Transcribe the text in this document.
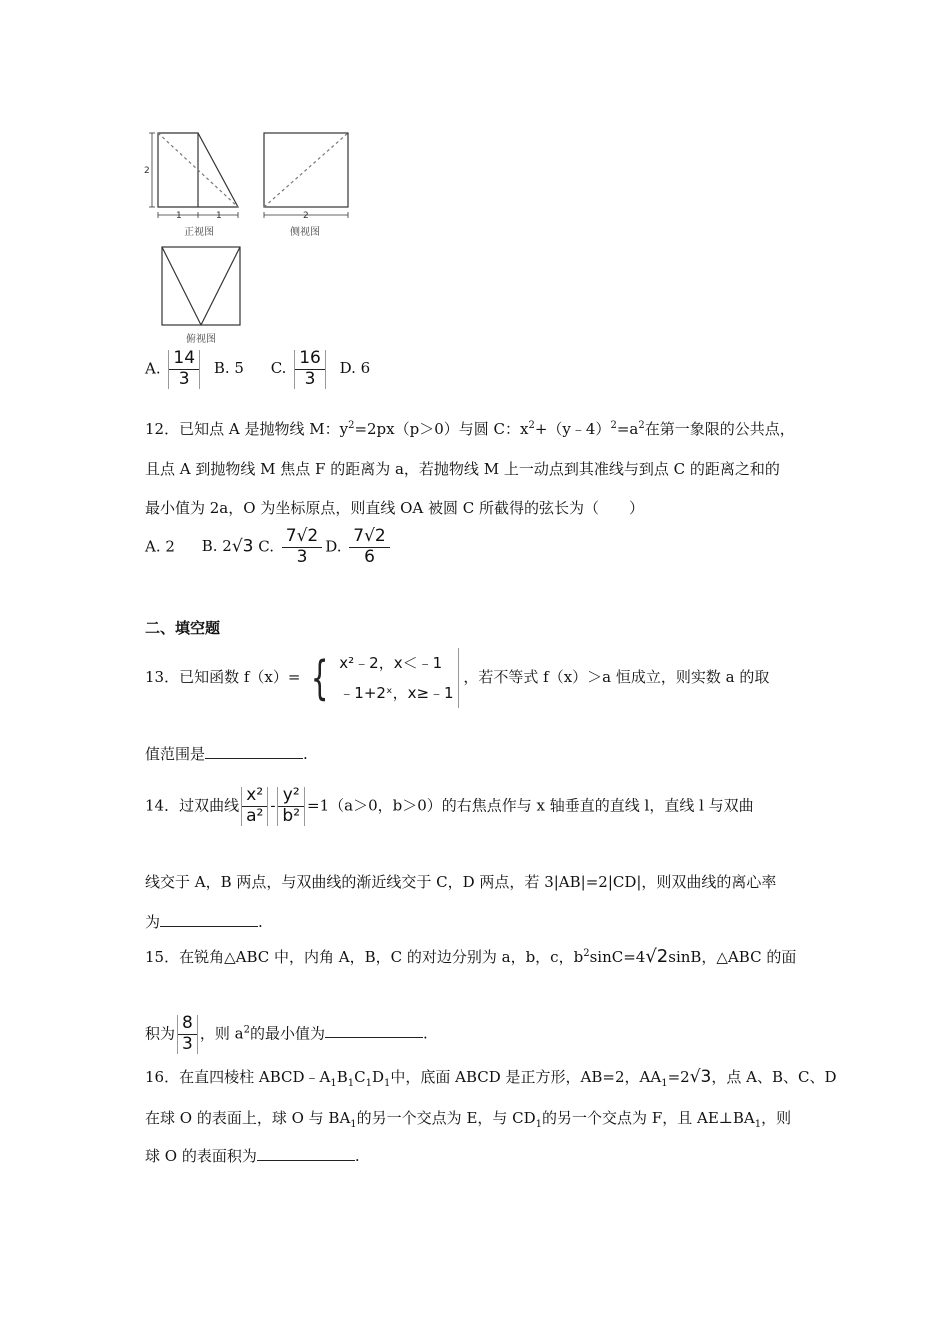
2
1	1
正视图
2
侧视图
俯视图
A. $\frac{14}{3} B$. 5 C. $\frac{16}{3} D$. 6
12．已知点 A 是抛物线 M：$y^2=2px(p>0)$与圆 C：$x^2+(y﹣4)^2=a^2$在第一象限的公共点，
且点 A 到抛物线 M 焦点 F 的距离为 a，若抛物线 M 上一动点到其准线与到点 C 的距离之和的
最小值为 2a，O 为坐标原点，则直线 OA 被圆 C 所截得的弦长为（　　）
A. 2 B. 2√3 C. $\frac{7√2}{3} D$. $\frac{7√2}{6}$
二、填空题
13．已知函数 f（x）= { x²﹣2，x＜﹣1
﹣1+2ˣ，x≥﹣1
，若不等式 f（x）＞a 恒成立，则实数 a 的取
值范围是	.
14．过双曲线 $\frac{\text{x²}}{\text{a²}} - \frac{\text{y²}}{\text{b²}} =1(a>0$，b＞0）的右焦点作与 x 轴垂直的直线 l，直线 l 与双曲
线交于 A，B 两点，与双曲线的渐近线交于 C，D 两点，若 3|AB|=2|CD|，则双曲线的离心率
为	.
15．在锐角△ABC 中，内角 A，B，C 的对边分别为 a，b，c，$b^2\sin C=4√2\sin B$，△ABC 的面
积为 $\frac{8}{3}$ ，则 $a^2$的最小值为	.
16．在直四棱柱 $ABCD﹣A_1B_1C_1D_1$中，底面 ABCD 是正方形，AB=2，$AA_1=2√3$，点 A、B、C、D
在球 O 的表面上，球 O 与 $BA_1$的另一个交点为 E，与 $CD_1$的另一个交点为 F，且 $AE\perp BA_1$，则
球 O 的表面积为	.
